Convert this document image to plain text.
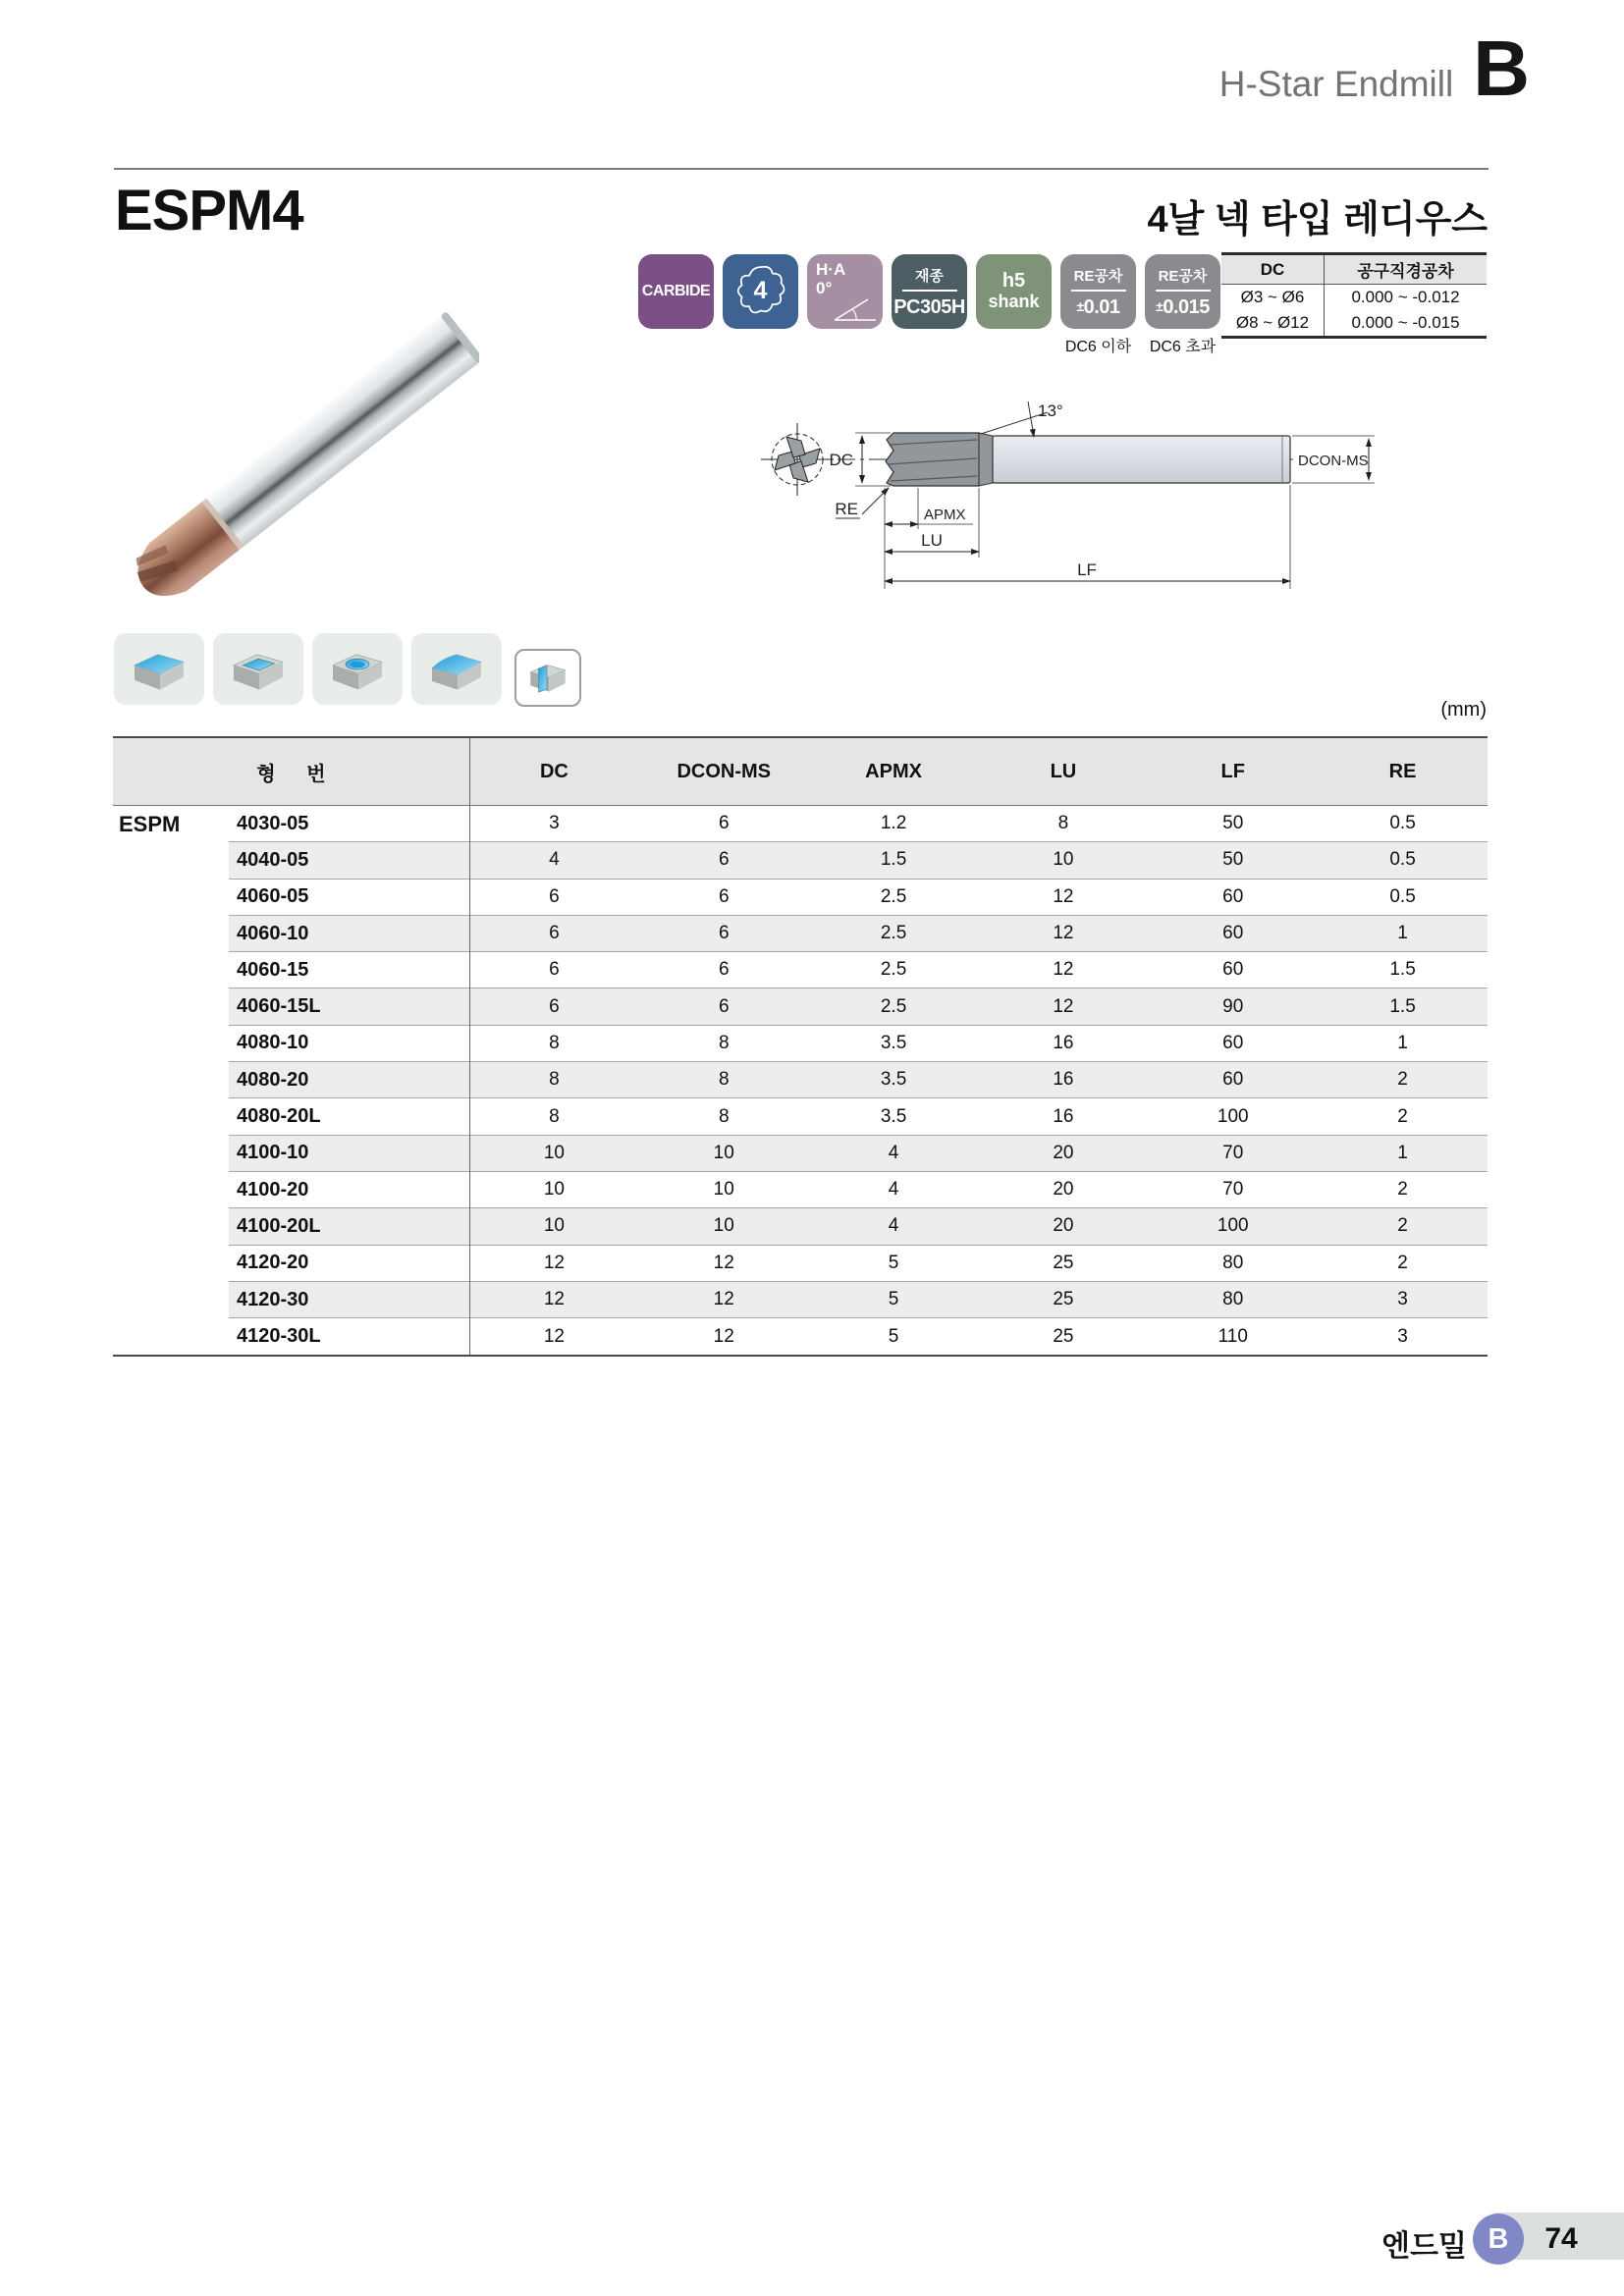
H-Star Endmill B
ESPM4	4날 넥 타입 레디우스
CARBIDE 4
H·A
0°
재종
PC305H
h5
shank
RE공차
±0.01
DC6 이하
RE공차
±0.015
DC6 초과
DC	공구직경공차
Ø3 ~ Ø6	0.000 ~ -0.012
Ø8 ~ Ø12	0.000 ~ -0.015
13°
DC
RE	APMX
LU
LF
DCON-MS
(mm)
형 번	DC	DCON-MS	APMX	LU	LF	RE
ESPM	4030-05	3	6	1.2	8	50	0.5
4040-05	4	6	1.5	10	50	0.5
4060-05	6	6	2.5	12	60	0.5
4060-10	6	6	2.5	12	60	1
4060-15	6	6	2.5	12	60	1.5
4060-15L	6	6	2.5	12	90	1.5
4080-10	8	8	3.5	16	60	1
4080-20	8	8	3.5	16	60	2
4080-20L	8	8	3.5	16	100	2
4100-10	10	10	4	20	70	1
4100-20	10	10	4	20	70	2
4100-20L	10	10	4	20	100	2
4120-20	12	12	5	25	80	2
4120-30	12	12	5	25	80	3
4120-30L	12	12	5	25	110	3
엔드밀 B	74
